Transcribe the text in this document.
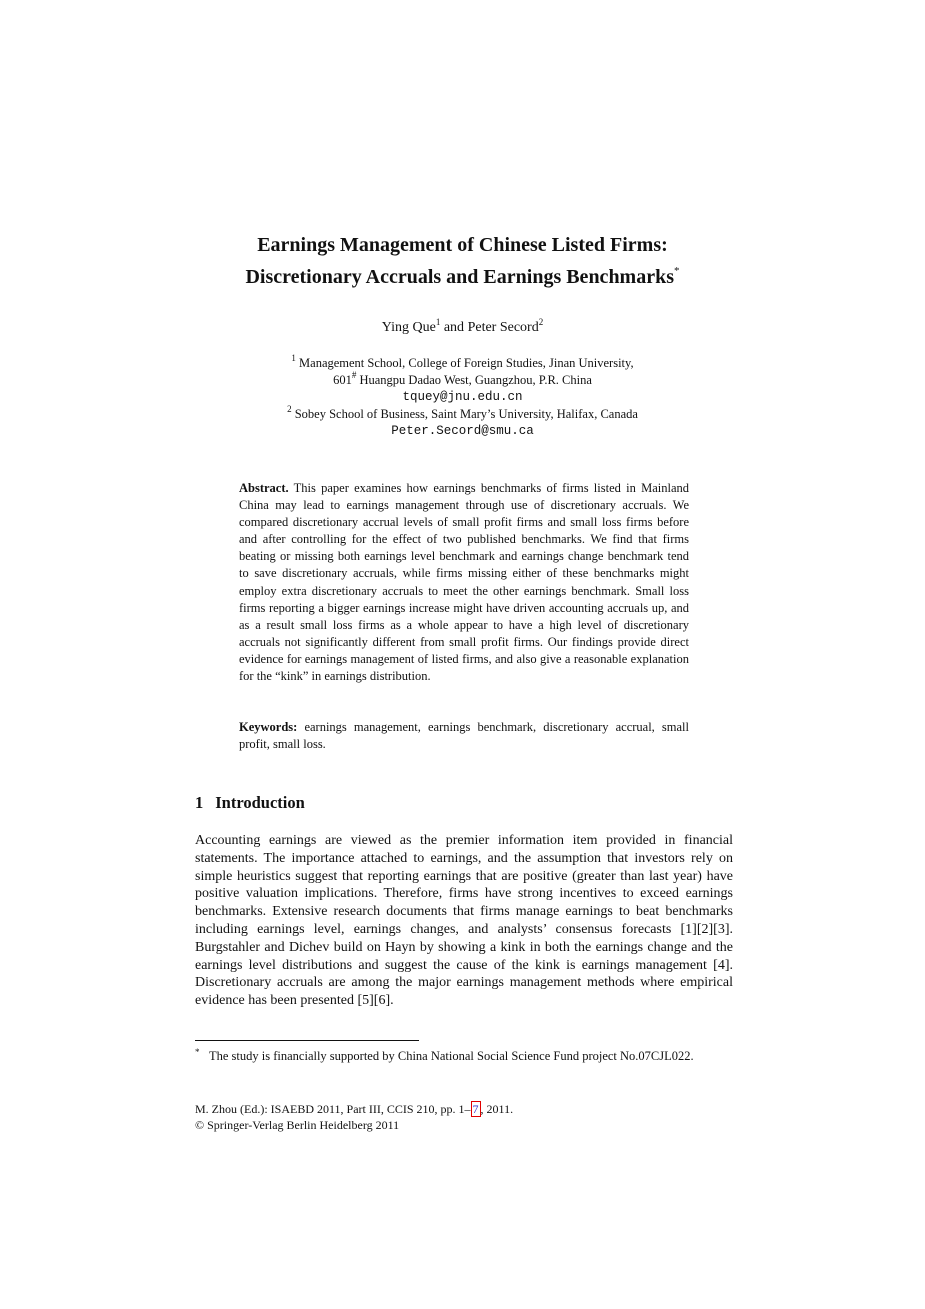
Earnings Management of Chinese Listed Firms:
Discretionary Accruals and Earnings Benchmarks*
Ying Que$^1$ and Peter Secord$^2$
$^1$ Management School, College of Foreign Studies, Jinan University,
601# Huangpu Dadao West, Guangzhou, P.R. China
tquey@jnu.edu.cn
$^2$ Sobey School of Business, Saint Mary’s University, Halifax, Canada
Peter.Secord@smu.ca
Abstract. This paper examines how earnings benchmarks of firms listed in Mainland China may lead to earnings management through use of discretionary accruals. We compared discretionary accrual levels of small profit firms and small loss firms before and after controlling for the effect of two published benchmarks. We find that firms beating or missing both earnings level benchmark and earnings change benchmark tend to save discretionary accruals, while firms missing either of these benchmarks might employ extra discretionary accruals to meet the other earnings benchmark. Small loss firms reporting a bigger earnings increase might have driven accounting accruals up, and as a result small loss firms as a whole appear to have a high level of discretionary accruals not significantly different from small profit firms. Our findings provide direct evidence for earnings management of listed firms, and also give a reasonable explanation for the “kink” in earnings distribution.
Keywords: earnings management, earnings benchmark, discretionary accrual, small profit, small loss.
1 Introduction
Accounting earnings are viewed as the premier information item provided in financial statements. The importance attached to earnings, and the assumption that investors rely on simple heuristics suggest that reporting earnings that are positive (greater than last year) have positive valuation implications. Therefore, firms have strong incentives to exceed earnings benchmarks. Extensive research documents that firms manage earnings to beat benchmarks including earnings level, earnings changes, and analysts’ consensus forecasts [1][2][3]. Burgstahler and Dichev build on Hayn by showing a kink in both the earnings change and the earnings level distributions and suggest the cause of the kink is earnings management [4]. Discretionary accruals are among the major earnings management methods where empirical evidence has been presented [5][6].
* The study is financially supported by China National Social Science Fund project No.07CJL022.
M. Zhou (Ed.): ISAEBD 2011, Part III, CCIS 210, pp. 1– 7 , 2011.
© Springer-Verlag Berlin Heidelberg 2011
